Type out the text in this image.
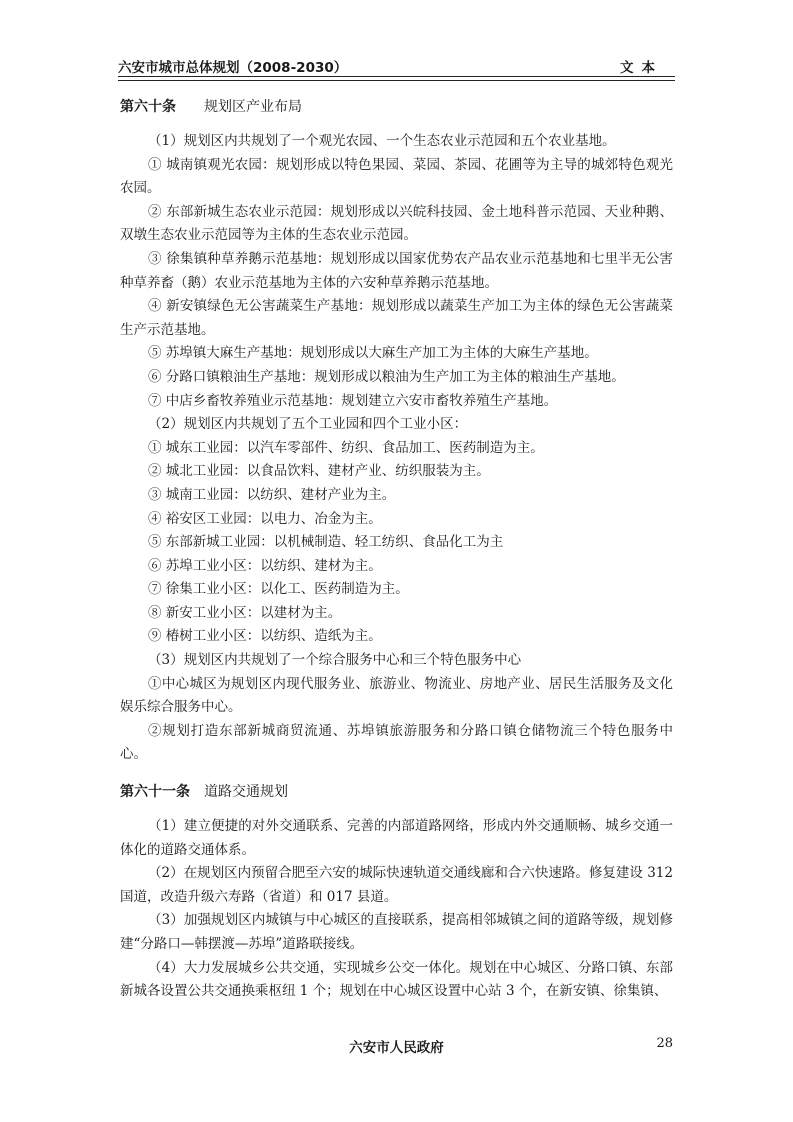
六安市城市总体规划（2008-2030）	文本
第六十条 规划区产业布局

（1）规划区内共规划了一个观光农园、一个生态农业示范园和五个农业基地。

① 城南镇观光农园：规划形成以特色果园、菜园、茶园、花圃等为主导的城郊特色观光农园。

② 东部新城生态农业示范园：规划形成以兴皖科技园、金土地科普示范园、天业种鹅、双墩生态农业示范园等为主体的生态农业示范园。

③ 徐集镇种草养鹅示范基地：规划形成以国家优势农产品农业示范基地和七里半无公害种草养畜（鹅）农业示范基地为主体的六安种草养鹅示范基地。

④ 新安镇绿色无公害蔬菜生产基地：规划形成以蔬菜生产加工为主体的绿色无公害蔬菜生产示范基地。

⑤ 苏埠镇大麻生产基地：规划形成以大麻生产加工为主体的大麻生产基地。

⑥ 分路口镇粮油生产基地：规划形成以粮油为生产加工为主体的粮油生产基地。

⑦ 中店乡畜牧养殖业示范基地：规划建立六安市畜牧养殖生产基地。

（2）规划区内共规划了五个工业园和四个工业小区：

① 城东工业园：以汽车零部件、纺织、食品加工、医药制造为主。

② 城北工业园：以食品饮料、建材产业、纺织服装为主。

③ 城南工业园：以纺织、建材产业为主。

④ 裕安区工业园：以电力、冶金为主。

⑤ 东部新城工业园：以机械制造、轻工纺织、食品化工为主

⑥ 苏埠工业小区：以纺织、建材为主。

⑦ 徐集工业小区：以化工、医药制造为主。

⑧ 新安工业小区：以建材为主。

⑨ 椿树工业小区：以纺织、造纸为主。

（3）规划区内共规划了一个综合服务中心和三个特色服务中心

①中心城区为规划区内现代服务业、旅游业、物流业、房地产业、居民生活服务及文化娱乐综合服务中心。

②规划打造东部新城商贸流通、苏埠镇旅游服务和分路口镇仓储物流三个特色服务中心。

第六十一条 道路交通规划

（1）建立便捷的对外交通联系、完善的内部道路网络，形成内外交通顺畅、城乡交通一体化的道路交通体系。

（2）在规划区内预留合肥至六安的城际快速轨道交通线廊和合六快速路。修复建设 312 国道，改造升级六寿路（省道）和 017 县道。

（3）加强规划区内城镇与中心城区的直接联系，提高相邻城镇之间的道路等级，规划修建“分路口—韩摆渡—苏埠”道路联接线。

（4）大力发展城乡公共交通，实现城乡公交一体化。规划在中心城区、分路口镇、东部新城各设置公共交通换乘枢纽 1 个；规划在中心城区设置中心站 3 个，在新安镇、徐集镇、

六安市人民政府	28
